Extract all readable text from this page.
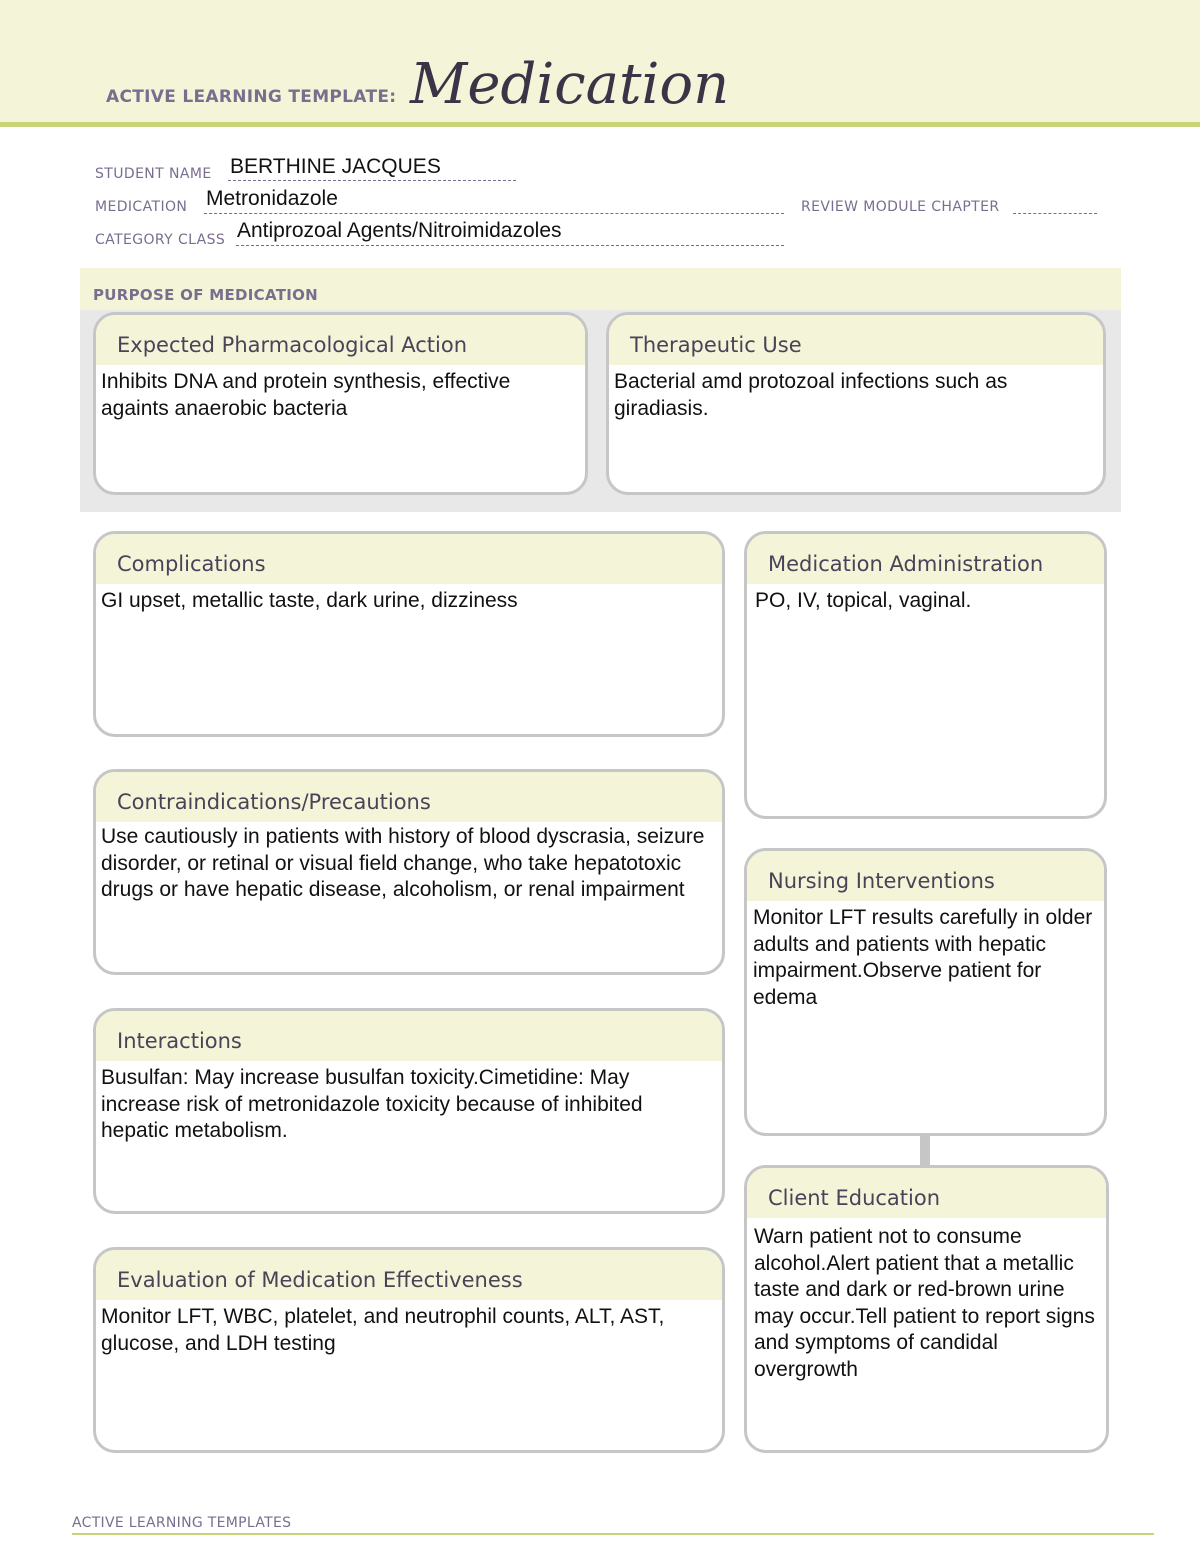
ACTIVE LEARNING TEMPLATE: Medication
STUDENT NAME BERTHINE JACQUES
MEDICATION Metronidazole	REVIEW MODULE CHAPTER
CATEGORY CLASS Antiprozoal Agents/Nitroimidazoles
PURPOSE OF MEDICATION
Expected Pharmacological Action
Inhibits DNA and protein synthesis, effective againts anaerobic bacteria
Therapeutic Use
Bacterial amd protozoal infections such as giradiasis.
Complications
GI upset, metallic taste, dark urine, dizziness
Contraindications/Precautions
Use cautiously in patients with history of blood dyscrasia, seizure disorder, or retinal or visual field change, who take hepatotoxic drugs or have hepatic disease, alcoholism, or renal impairment
Interactions
Busulfan: May increase busulfan toxicity.Cimetidine: May increase risk of metronidazole toxicity because of inhibited hepatic metabolism.
Evaluation of Medication Effectiveness
Monitor LFT, WBC, platelet, and neutrophil counts, ALT, AST, glucose, and LDH testing
Medication Administration
PO, IV, topical, vaginal.
Nursing Interventions
Monitor LFT results carefully in older adults and patients with hepatic impairment.Observe patient for edema
Client Education
Warn patient not to consume alcohol.Alert patient that a metallic taste and dark or red-brown urine may occur.Tell patient to report signs and symptoms of candidal overgrowth
ACTIVE LEARNING TEMPLATES
